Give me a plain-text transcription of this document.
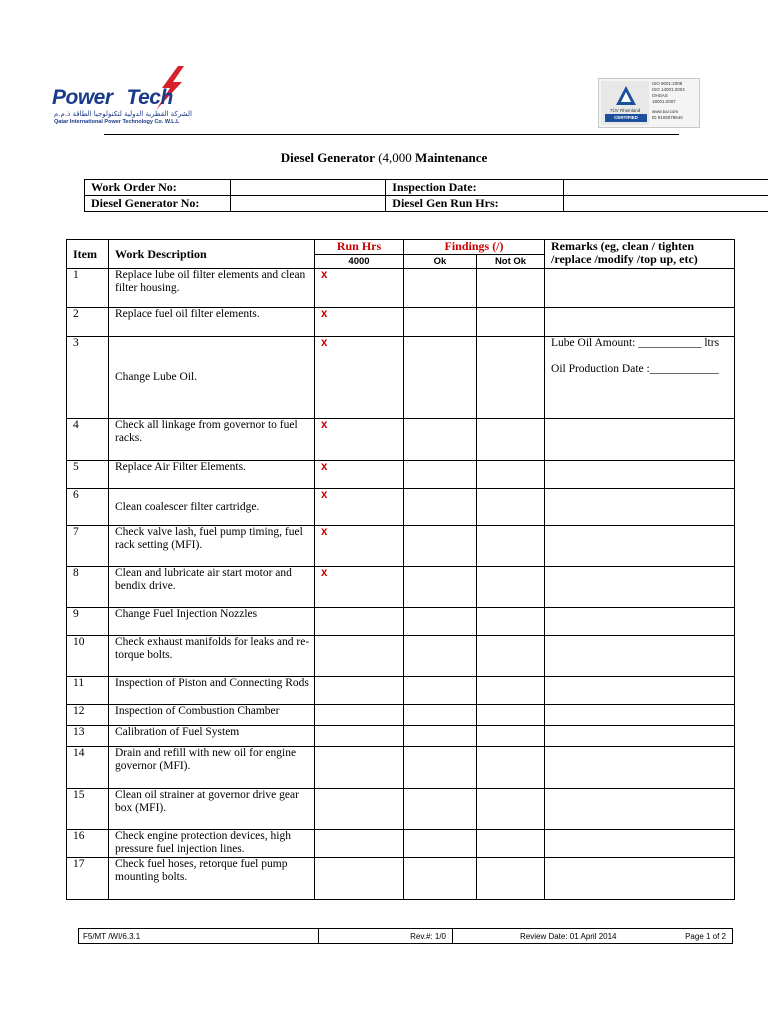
Power Tech
الشركة القطرية الدولية لتكنولوجيا الطاقة ذ.م.م
Qatar International Power Technology Co. W.L.L
TÜV Rheinland
CERTIFIED
ISO 9001:2008
ISO 14001:2004
OHSAS
18001:2007
www.tuv.com
ID 9105078640
Diesel Generator (4,000 Maintenance
Work Order No:		Inspection Date:	
Diesel Generator No:		Diesel Gen Run Hrs:	
Item	Work Description	Run Hrs	Findings (/)		Remarks (eg, clean / tighten /replace /modify /top up, etc)
		4000	Ok	Not Ok	
1	Replace lube oil filter elements and clean filter housing.	x			
2	Replace fuel oil filter elements.	x			
3	Change Lube Oil.	x			Lube Oil Amount: ___________ ltrs
Oil Production Date :____________

4	Check all linkage from governor to fuel racks.	x			
5	Replace Air Filter Elements.	x			
6	Clean coalescer filter cartridge.	x			
7	Check valve lash, fuel pump timing, fuel rack setting (MFI).	x			
8	Clean and lubricate air start motor and bendix drive.	x			
9	Change Fuel Injection Nozzles				
10	Check exhaust manifolds for leaks and re-torque bolts.				
11	Inspection of Piston and Connecting Rods				
12	Inspection of Combustion Chamber				
13	Calibration of Fuel System				
14	Drain and refill with new oil for engine governor (MFI).				
15	Clean oil strainer at governor drive gear box (MFI).				
16	Check engine protection devices, high pressure fuel injection lines.				
17	Check fuel hoses, retorque fuel pump mounting bolts.				
F5/MT /WI/6.3.1	Rev.#: 1/0	Review Date: 01 April 2014	Page 1 of 2
